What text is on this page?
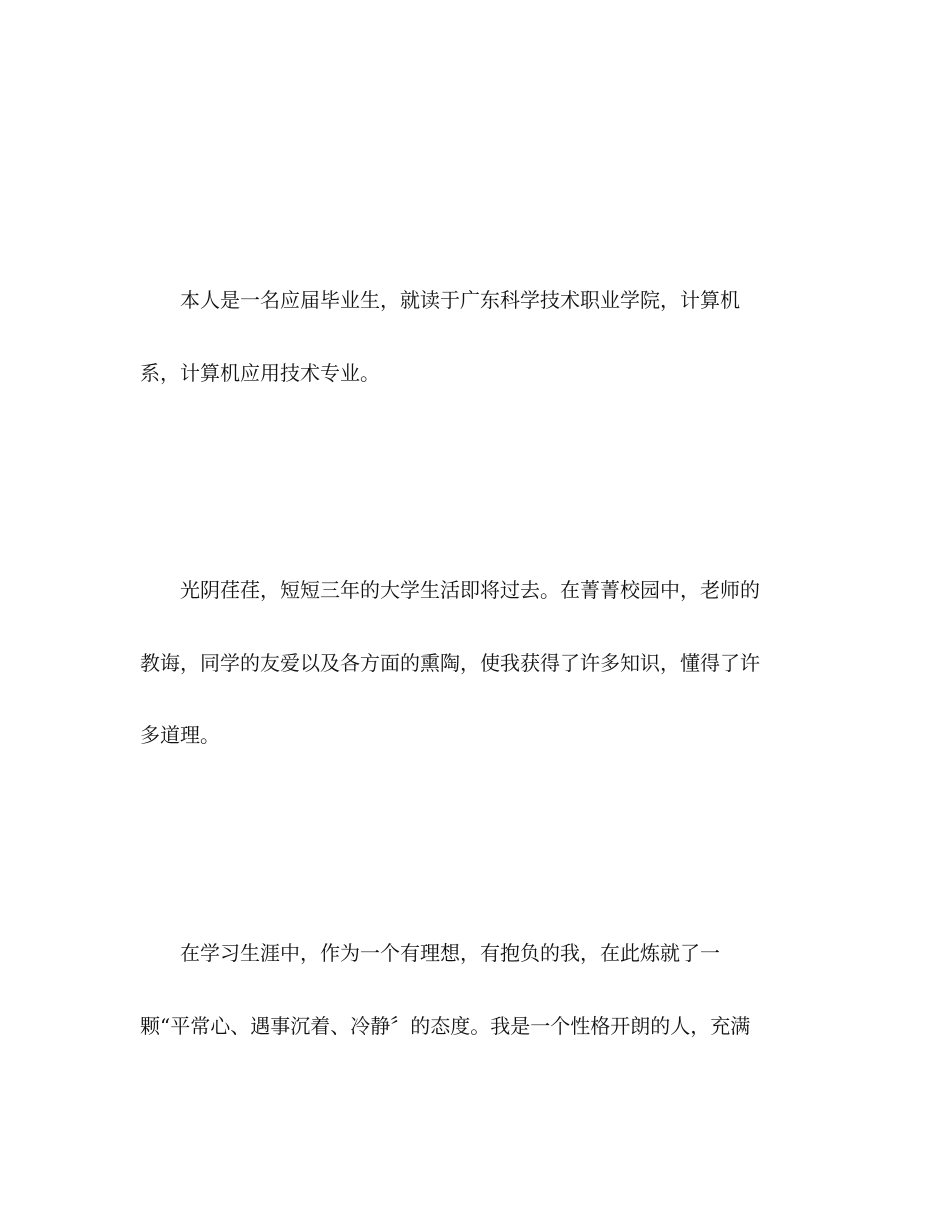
本人是一名应届毕业生，就读于广东科学技术职业学院，计算机
系，计算机应用技术专业。
光阴荏荏，短短三年的大学生活即将过去。在菁菁校园中，老师的
教诲，同学的友爱以及各方面的熏陶，使我获得了许多知识，懂得了许
多道理。
在学习生涯中，作为一个有理想，有抱负的我，在此炼就了一
颗“平常心、遇事沉着、冷静〞的态度。我是一个性格开朗的人，充满
